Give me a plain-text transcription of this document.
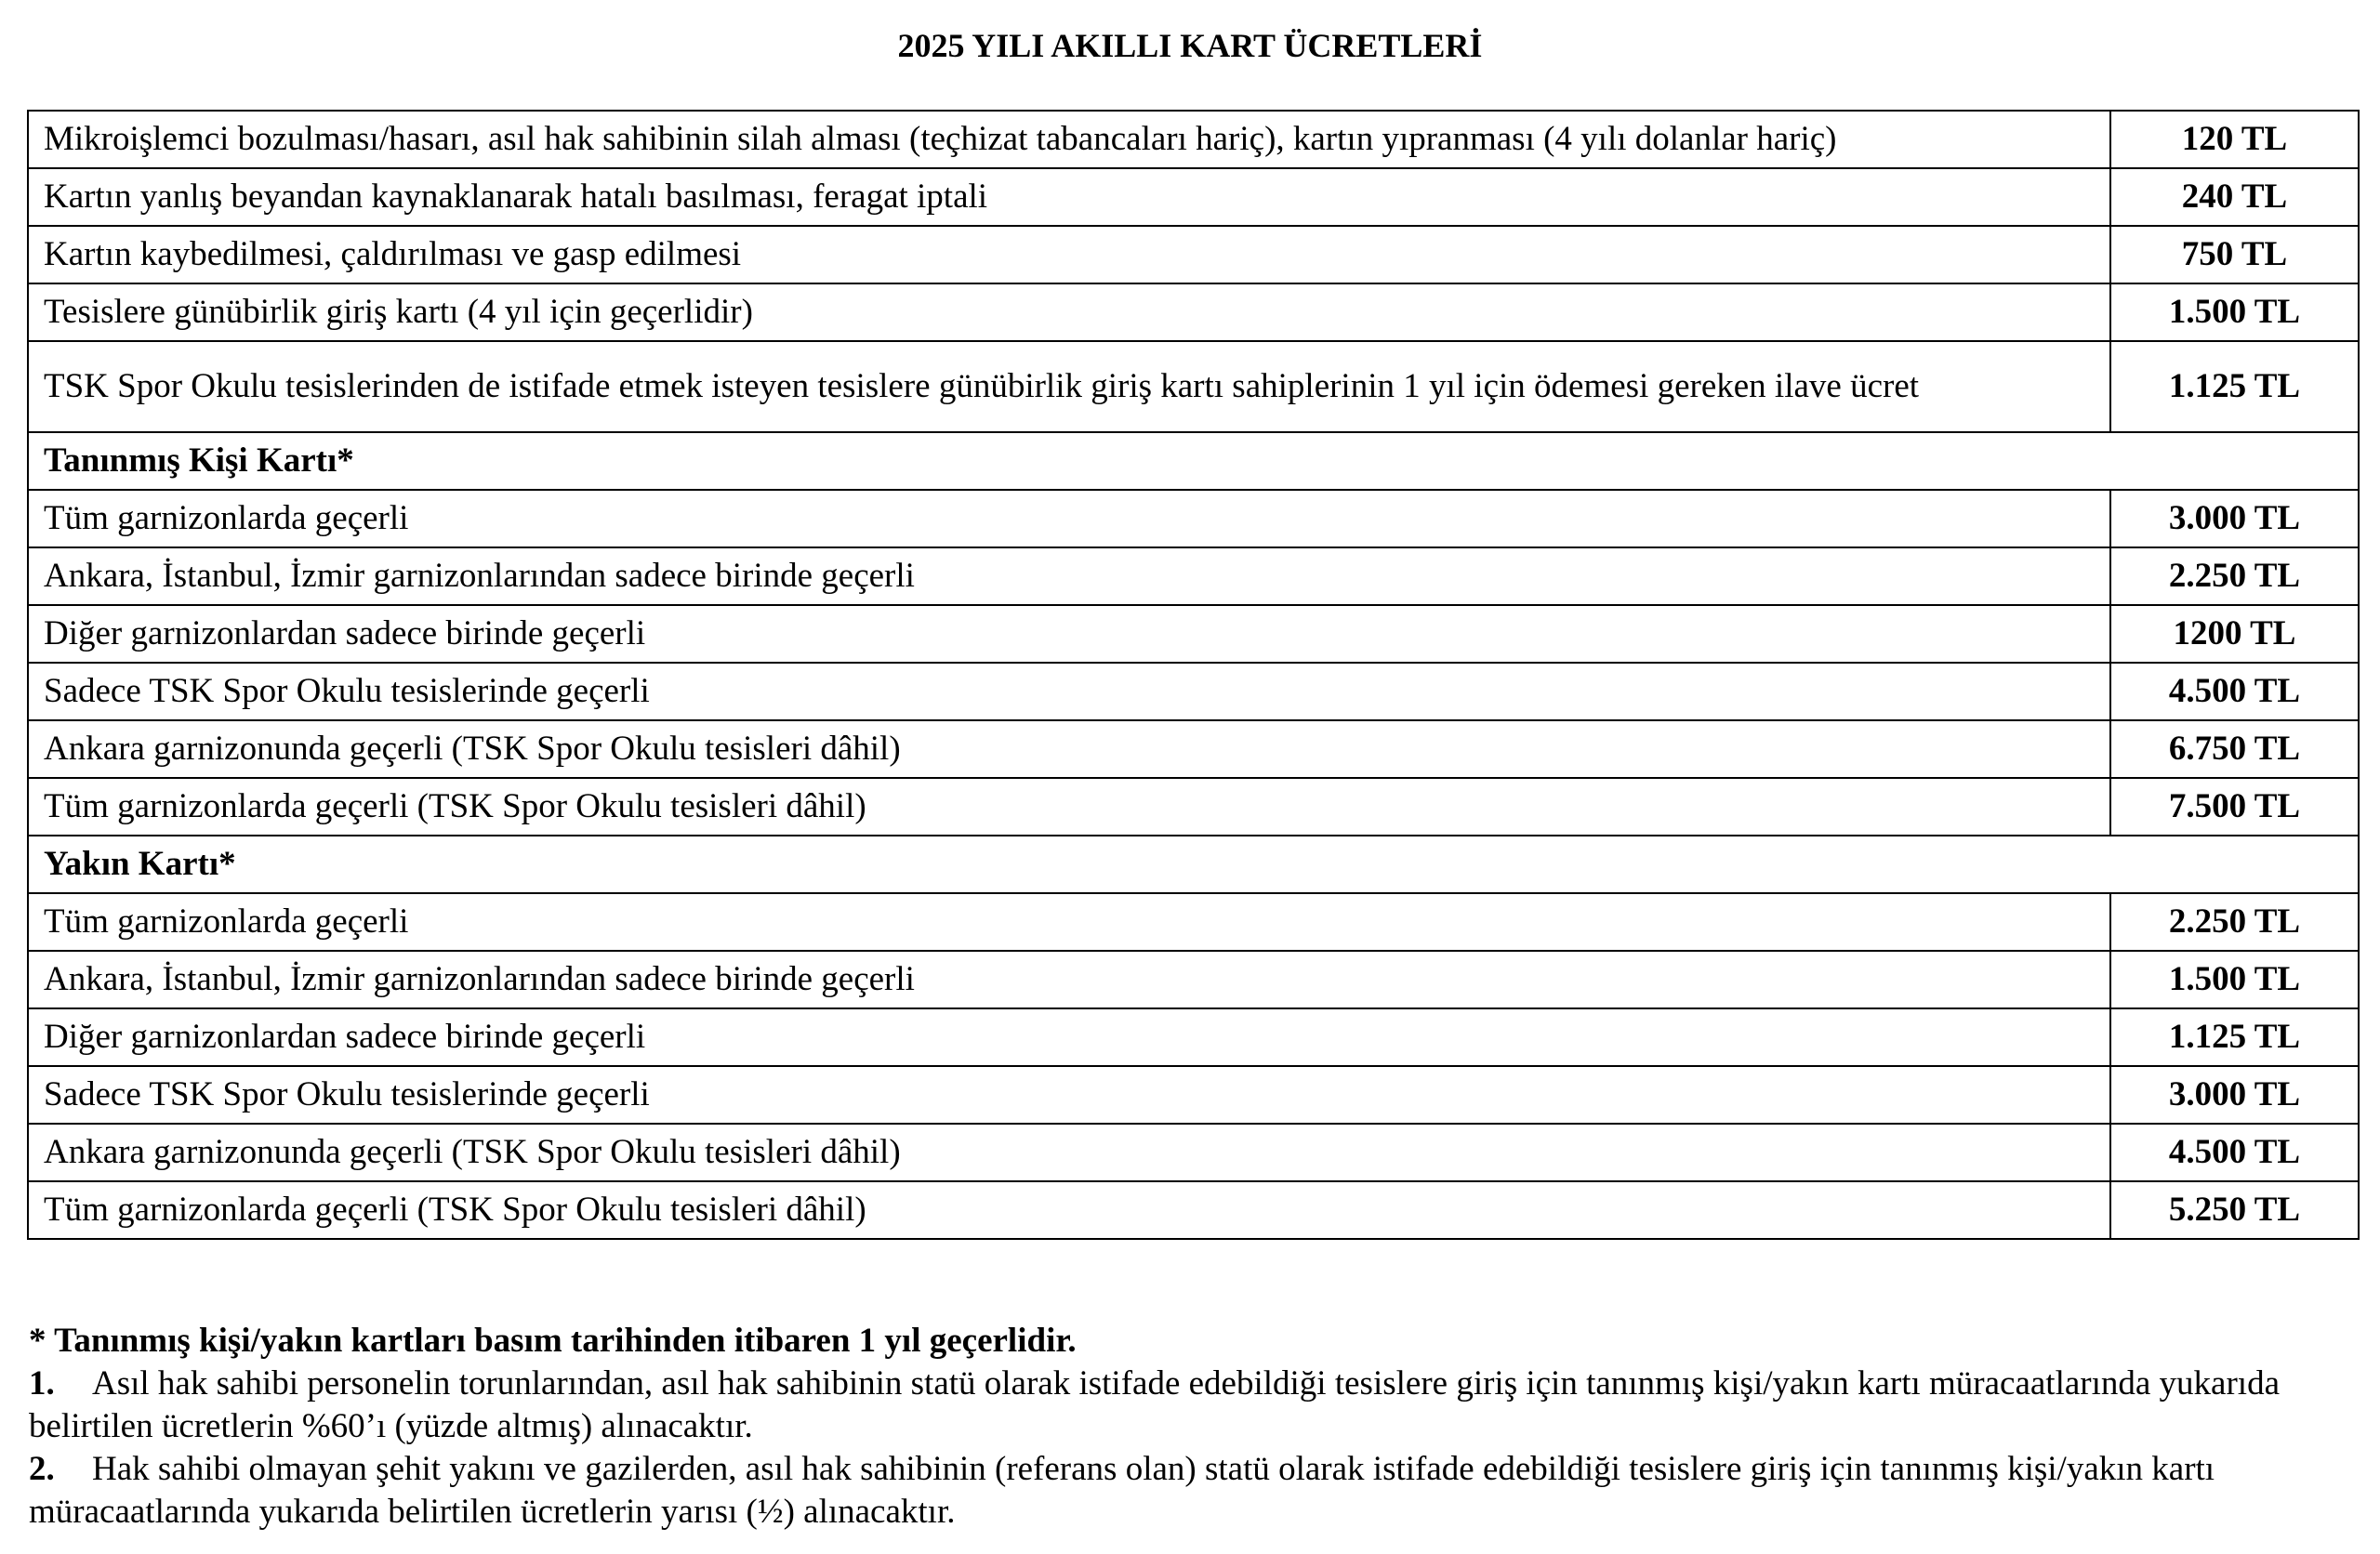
2025 YILI AKILLI KART ÜCRETLERİ
Mikroişlemci bozulması/hasarı, asıl hak sahibinin silah alması (teçhizat tabancaları hariç), kartın yıpranması (4 yılı dolanlar hariç)	120 TL
Kartın yanlış beyandan kaynaklanarak hatalı basılması, feragat iptali	240 TL
Kartın kaybedilmesi, çaldırılması ve gasp edilmesi	750 TL
Tesislere günübirlik giriş kartı (4 yıl için geçerlidir)	1.500 TL
TSK Spor Okulu tesislerinden de istifade etmek isteyen tesislere günübirlik giriş kartı sahiplerinin 1 yıl için ödemesi gereken ilave ücret	1.125 TL
Tanınmış Kişi Kartı*	
Tüm garnizonlarda geçerli	3.000 TL
Ankara, İstanbul, İzmir garnizonlarından sadece birinde geçerli	2.250 TL
Diğer garnizonlardan sadece birinde geçerli	1200 TL
Sadece TSK Spor Okulu tesislerinde geçerli	4.500 TL
Ankara garnizonunda geçerli (TSK Spor Okulu tesisleri dâhil)	6.750 TL
Tüm garnizonlarda geçerli (TSK Spor Okulu tesisleri dâhil)	7.500 TL
Yakın Kartı*	
Tüm garnizonlarda geçerli	2.250 TL
Ankara, İstanbul, İzmir garnizonlarından sadece birinde geçerli	1.500 TL
Diğer garnizonlardan sadece birinde geçerli	1.125 TL
Sadece TSK Spor Okulu tesislerinde geçerli	3.000 TL
Ankara garnizonunda geçerli (TSK Spor Okulu tesisleri dâhil)	4.500 TL
Tüm garnizonlarda geçerli (TSK Spor Okulu tesisleri dâhil)	5.250 TL

* Tanınmış kişi/yakın kartları basım tarihinden itibaren 1 yıl geçerlidir.

1. Asıl hak sahibi personelin torunlarından, asıl hak sahibinin statü olarak istifade edebildiği tesislere giriş için tanınmış kişi/yakın kartı müracaatlarında yukarıda belirtilen ücretlerin %60’ı (yüzde altmış) alınacaktır.

2. Hak sahibi olmayan şehit yakını ve gazilerden, asıl hak sahibinin (referans olan) statü olarak istifade edebildiği tesislere giriş için tanınmış kişi/yakın kartı müracaatlarında yukarıda belirtilen ücretlerin yarısı (½) alınacaktır.
